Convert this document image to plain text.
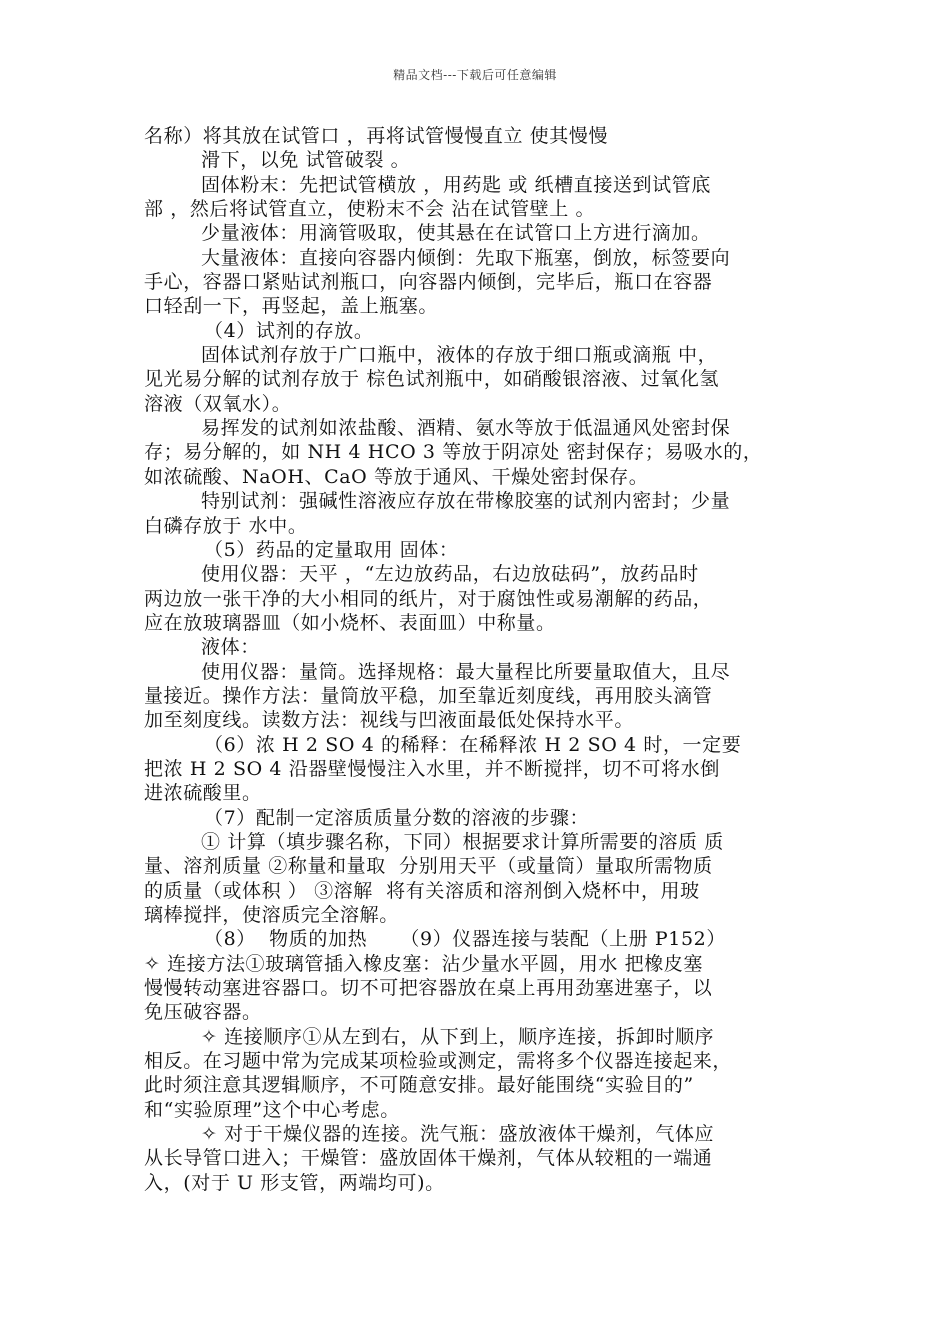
精品文档---下载后可任意编辑
名称）将其放在试管口 ，再将试管慢慢直立 使其慢慢
滑下，以免 试管破裂 。
固体粉末：先把试管横放 ，用药匙 或 纸槽直接送到试管底
部 ，然后将试管直立，使粉末不会 沾在试管壁上 。
少量液体：用滴管吸取，使其悬在在试管口上方进行滴加。
大量液体：直接向容器内倾倒：先取下瓶塞，倒放，标签要向
手心，容器口紧贴试剂瓶口，向容器内倾倒，完毕后，瓶口在容器
口轻刮一下，再竖起，盖上瓶塞。
（4）试剂的存放。
固体试剂存放于广口瓶中，液体的存放于细口瓶或滴瓶 中，
见光易分解的试剂存放于 棕色试剂瓶中，如硝酸银溶液、过氧化氢
溶液（双氧水）。
易挥发的试剂如浓盐酸、酒精、氨水等放于低温通风处密封保
存；易分解的，如 NH 4 HCO 3 等放于阴凉处 密封保存；易吸水的，
如浓硫酸、NaOH、CaO 等放于通风、干燥处密封保存。
特别试剂：强碱性溶液应存放在带橡胶塞的试剂内密封；少量
白磷存放于 水中。
（5）药品的定量取用 固体：
使用仪器：天平 ，“左边放药品，右边放砝码”，放药品时
两边放一张干净的大小相同的纸片，对于腐蚀性或易潮解的药品，
应在放玻璃器皿（如小烧杯、表面皿）中称量。
液体：
使用仪器：量筒。选择规格：最大量程比所要量取值大，且尽
量接近。操作方法：量筒放平稳，加至靠近刻度线，再用胶头滴管
加至刻度线。读数方法：视线与凹液面最低处保持水平。
（6）浓 H 2 SO 4 的稀释：在稀释浓 H 2 SO 4 时，一定要
把浓 H 2 SO 4 沿器壁慢慢注入水里，并不断搅拌，切不可将水倒
进浓硫酸里。
（7）配制一定溶质质量分数的溶液的步骤：
① 计算（填步骤名称，下同）根据要求计算所需要的溶质 质
量、溶剂质量 ②称量和量取  分别用天平（或量筒）量取所需物质
的质量（或体积 ） ③溶解  将有关溶质和溶剂倒入烧杯中，用玻
璃棒搅拌，使溶质完全溶解。
（8）  物质的加热     （9）仪器连接与装配（上册 P152）
✧ 连接方法①玻璃管插入橡皮塞：沾少量水平圆，用水 把橡皮塞
慢慢转动塞进容器口。切不可把容器放在桌上再用劲塞进塞子，以
免压破容器。
✧ 连接顺序①从左到右，从下到上，顺序连接，拆卸时顺序
相反。在习题中常为完成某项检验或测定，需将多个仪器连接起来，
此时须注意其逻辑顺序，不可随意安排。最好能围绕“实验目的”
和“实验原理”这个中心考虑。
✧ 对于干燥仪器的连接。洗气瓶：盛放液体干燥剂，气体应
从长导管口进入；干燥管：盛放固体干燥剂，气体从较粗的一端通
入，(对于 U 形支管，两端均可)。
